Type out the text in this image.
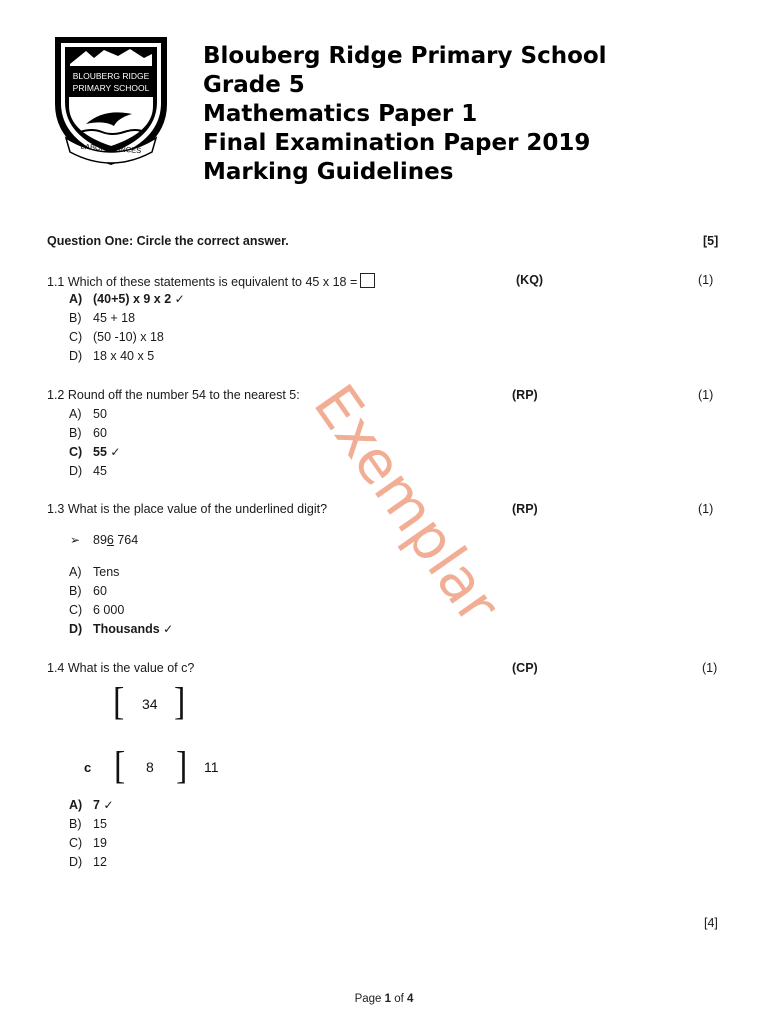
BLOUBERG RIDGE
PRIMARY SCHOOL
LABORE VINCES
Blouberg Ridge Primary School
Grade 5
Mathematics Paper 1
Final Examination Paper 2019
Marking Guidelines
Exemplar
Question One: Circle the correct answer.	[5]
1.1 Which of these statements is equivalent to 45 x 18 =	(KQ)	(1)
A) (40+5) x 9 x 2 ✓
B) 45 + 18
C) (50 -10) x 18
D) 18 x 40 x 5
1.2 Round off the number 54 to the nearest 5:	(RP)	(1)
A) 50
B) 60
C) 55 ✓
D) 45
1.3 What is the place value of the underlined digit?	(RP)	(1)
➢ 896 764
A) Tens
B) 60
C) 6 000
D) Thousands ✓
1.4 What is the value of c?	(CP)	(1)
[ 34 ]
c [ 8 ] 11
A) 7 ✓
B) 15
C) 19
D) 12
[4]
Page 1 of 4
